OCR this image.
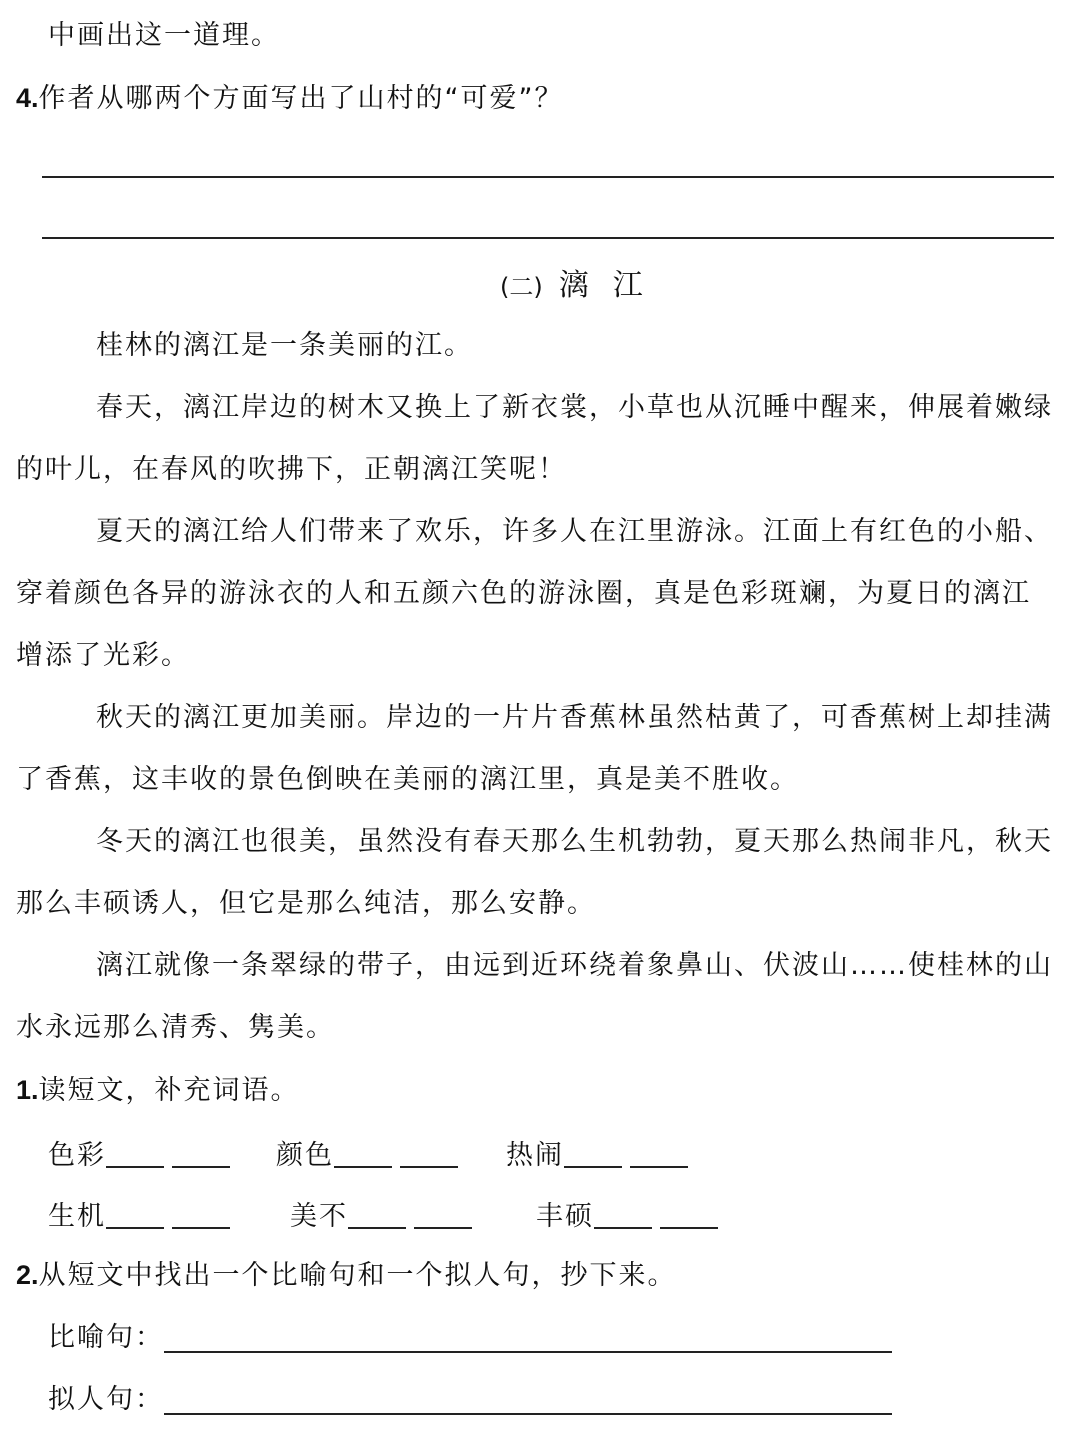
中画出这一道理。
4.作者从哪两个方面写出了山村的“可爱”？
(二) 漓 江
桂林的漓江是一条美丽的江。
春天，漓江岸边的树木又换上了新衣裳，小草也从沉睡中醒来，伸展着嫩绿
的叶儿，在春风的吹拂下，正朝漓江笑呢！
夏天的漓江给人们带来了欢乐，许多人在江里游泳。江面上有红色的小船、
穿着颜色各异的游泳衣的人和五颜六色的游泳圈，真是色彩斑斓，为夏日的漓江
增添了光彩。
秋天的漓江更加美丽。岸边的一片片香蕉林虽然枯黄了，可香蕉树上却挂满
了香蕉，这丰收的景色倒映在美丽的漓江里，真是美不胜收。
冬天的漓江也很美，虽然没有春天那么生机勃勃，夏天那么热闹非凡，秋天
那么丰硕诱人，但它是那么纯洁，那么安静。
漓江就像一条翠绿的带子，由远到近环绕着象鼻山、伏波山……使桂林的山
水永远那么清秀、隽美。
1.读短文，补充词语。
色彩	颜色	热闹
生机	美不	丰硕
2.从短文中找出一个比喻句和一个拟人句，抄下来。
比喻句：
拟人句：
